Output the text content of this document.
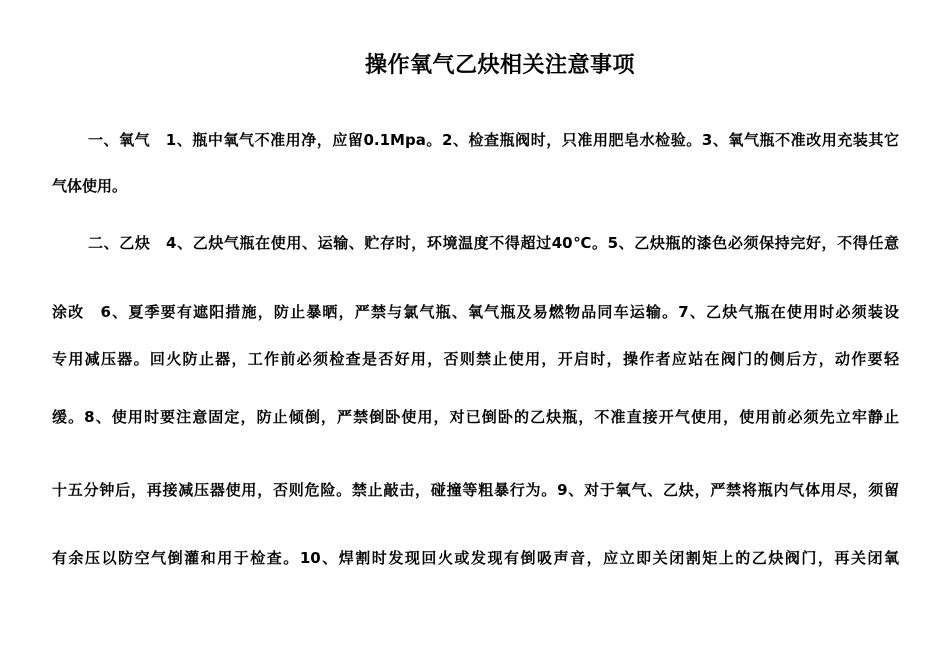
操作氧气乙炔相关注意事项
一、氧气　1、瓶中氧气不准用净，应留0.1Mpa。2、检查瓶阀时，只准用肥皂水检验。3、氧气瓶不准改用充装其它
气体使用。
二、乙炔　4、乙炔气瓶在使用、运输、贮存时，环境温度不得超过40℃。5、乙炔瓶的漆色必须保持完好，不得任意
涂改　6、夏季要有遮阳措施，防止暴晒，严禁与氯气瓶、氧气瓶及易燃物品同车运输。7、乙炔气瓶在使用时必须装设
专用减压器。回火防止器，工作前必须检查是否好用，否则禁止使用，开启时，操作者应站在阀门的侧后方，动作要轻
缓。8、使用时要注意固定，防止倾倒，严禁倒卧使用，对已倒卧的乙炔瓶，不准直接开气使用，使用前必须先立牢静止
十五分钟后，再接减压器使用，否则危险。禁止敲击，碰撞等粗暴行为。9、对于氧气、乙炔，严禁将瓶内气体用尽，须留
有余压以防空气倒灌和用于检查。10、焊割时发现回火或发现有倒吸声音，应立即关闭割矩上的乙炔阀门，再关闭氧
